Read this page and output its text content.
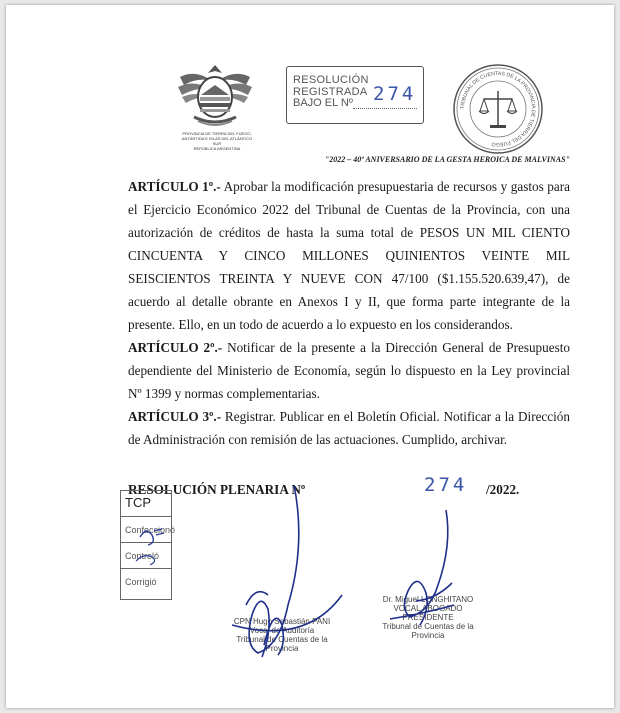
PROVINCIA DE TIERRA DEL FUEGO,
ANTÁRTIDA E ISLAS DEL ATLÁNTICO SUR
REPÚBLICA ARGENTINA
RESOLUCIÓN REGISTRADA
BAJO EL Nº 274
TRIBUNAL DE CUENTAS DE LA PROVINCIA DE TIERRA DEL FUEGO
"2022 – 40º ANIVERSARIO DE LA GESTA HEROICA DE MALVINAS"

ARTÍCULO 1º.- Aprobar la modificación presupuestaria de recursos y gastos para el Ejercicio Económico 2022 del Tribunal de Cuentas de la Provincia, con una autorización de créditos de hasta la suma total de PESOS UN MIL CIENTO CINCUENTA Y CINCO MILLONES QUINIENTOS VEINTE MIL SEISCIENTOS TREINTA Y NUEVE CON 47/100 ($1.155.520.639,47), de acuerdo al detalle obrante en Anexos I y II, que forma parte integrante de la presente. Ello, en un todo de acuerdo a lo expuesto en los considerandos.

ARTÍCULO 2º.- Notificar de la presente a la Dirección General de Presupuesto dependiente del Ministerio de Economía, según lo dispuesto en la Ley provincial Nº 1399 y normas complementarias.

ARTÍCULO 3º.- Registrar. Publicar en el Boletín Oficial. Notificar a la Dirección de Administración con remisión de las actuaciones. Cumplido, archivar.

RESOLUCIÓN PLENARIA Nº	274 /2022.
TCP
Confeccionó
Controló
Corrigió
CPN Hugo Sebastián PANI
Vocal de Auditoría
Tribunal de Cuentas de la Provincia
Dr. Miguel LONGHITANO
VOCAL ABOGADO
PRESIDENTE
Tribunal de Cuentas de la Provincia
